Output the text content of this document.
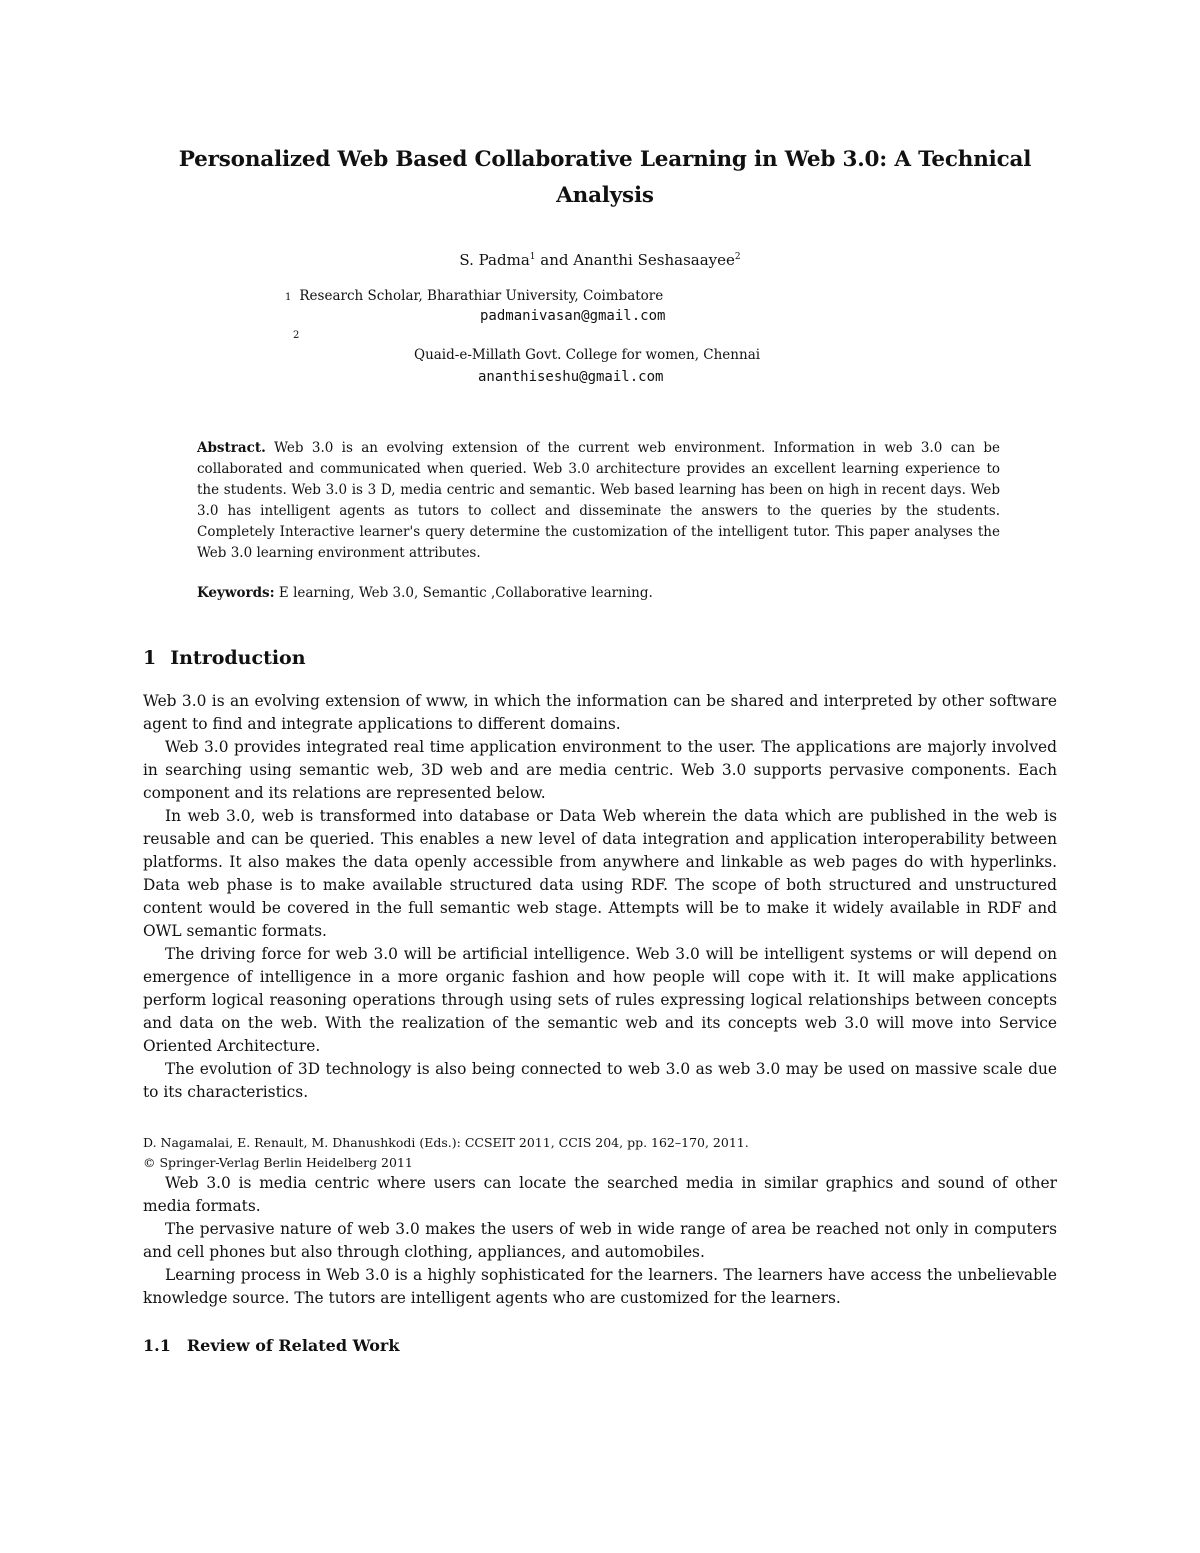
Personalized Web Based Collaborative Learning in Web 3.0: A Technical Analysis

S. Padma$^1$ and Ananthi Seshasaayee$^2$

1 Research Scholar, Bharathiar University, Coimbatore
padmanivasan@gmail.com
2
Quaid-e-Millath Govt. College for women, Chennai
ananthiseshu@gmail.com

Abstract. Web 3.0 is an evolving extension of the current web environment. Information in web 3.0 can be collaborated and communicated when queried. Web 3.0 architecture provides an excellent learning experience to the students. Web 3.0 is 3 D, media centric and semantic. Web based learning has been on high in recent days. Web 3.0 has intelligent agents as tutors to collect and disseminate the answers to the queries by the students. Completely Interactive learner's query determine the customization of the intelligent tutor. This paper analyses the Web 3.0 learning environment attributes.

Keywords: E learning, Web 3.0, Semantic ,Collaborative learning.

1 Introduction

Web 3.0 is an evolving extension of www, in which the information can be shared and interpreted by other software agent to find and integrate applications to different domains.

Web 3.0 provides integrated real time application environment to the user. The applications are majorly involved in searching using semantic web, 3D web and are media centric. Web 3.0 supports pervasive components. Each component and its relations are represented below.

In web 3.0, web is transformed into database or Data Web wherein the data which are published in the web is reusable and can be queried. This enables a new level of data integration and application interoperability between platforms. It also makes the data openly accessible from anywhere and linkable as web pages do with hyperlinks. Data web phase is to make available structured data using RDF. The scope of both structured and unstructured content would be covered in the full semantic web stage. Attempts will be to make it widely available in RDF and OWL semantic formats.

The driving force for web 3.0 will be artificial intelligence. Web 3.0 will be intelligent systems or will depend on emergence of intelligence in a more organic fashion and how people will cope with it. It will make applications perform logical reasoning operations through using sets of rules expressing logical relationships between concepts and data on the web. With the realization of the semantic web and its concepts web 3.0 will move into Service Oriented Architecture.

The evolution of 3D technology is also being connected to web 3.0 as web 3.0 may be used on massive scale due to its characteristics.

D. Nagamalai, E. Renault, M. Dhanushkodi (Eds.): CCSEIT 2011, CCIS 204, pp. 162–170, 2011.

© Springer-Verlag Berlin Heidelberg 2011

Web 3.0 is media centric where users can locate the searched media in similar graphics and sound of other media formats.

The pervasive nature of web 3.0 makes the users of web in wide range of area be reached not only in computers and cell phones but also through clothing, appliances, and automobiles.

Learning process in Web 3.0 is a highly sophisticated for the learners. The learners have access the unbelievable knowledge source. The tutors are intelligent agents who are customized for the learners.

1.1 Review of Related Work
